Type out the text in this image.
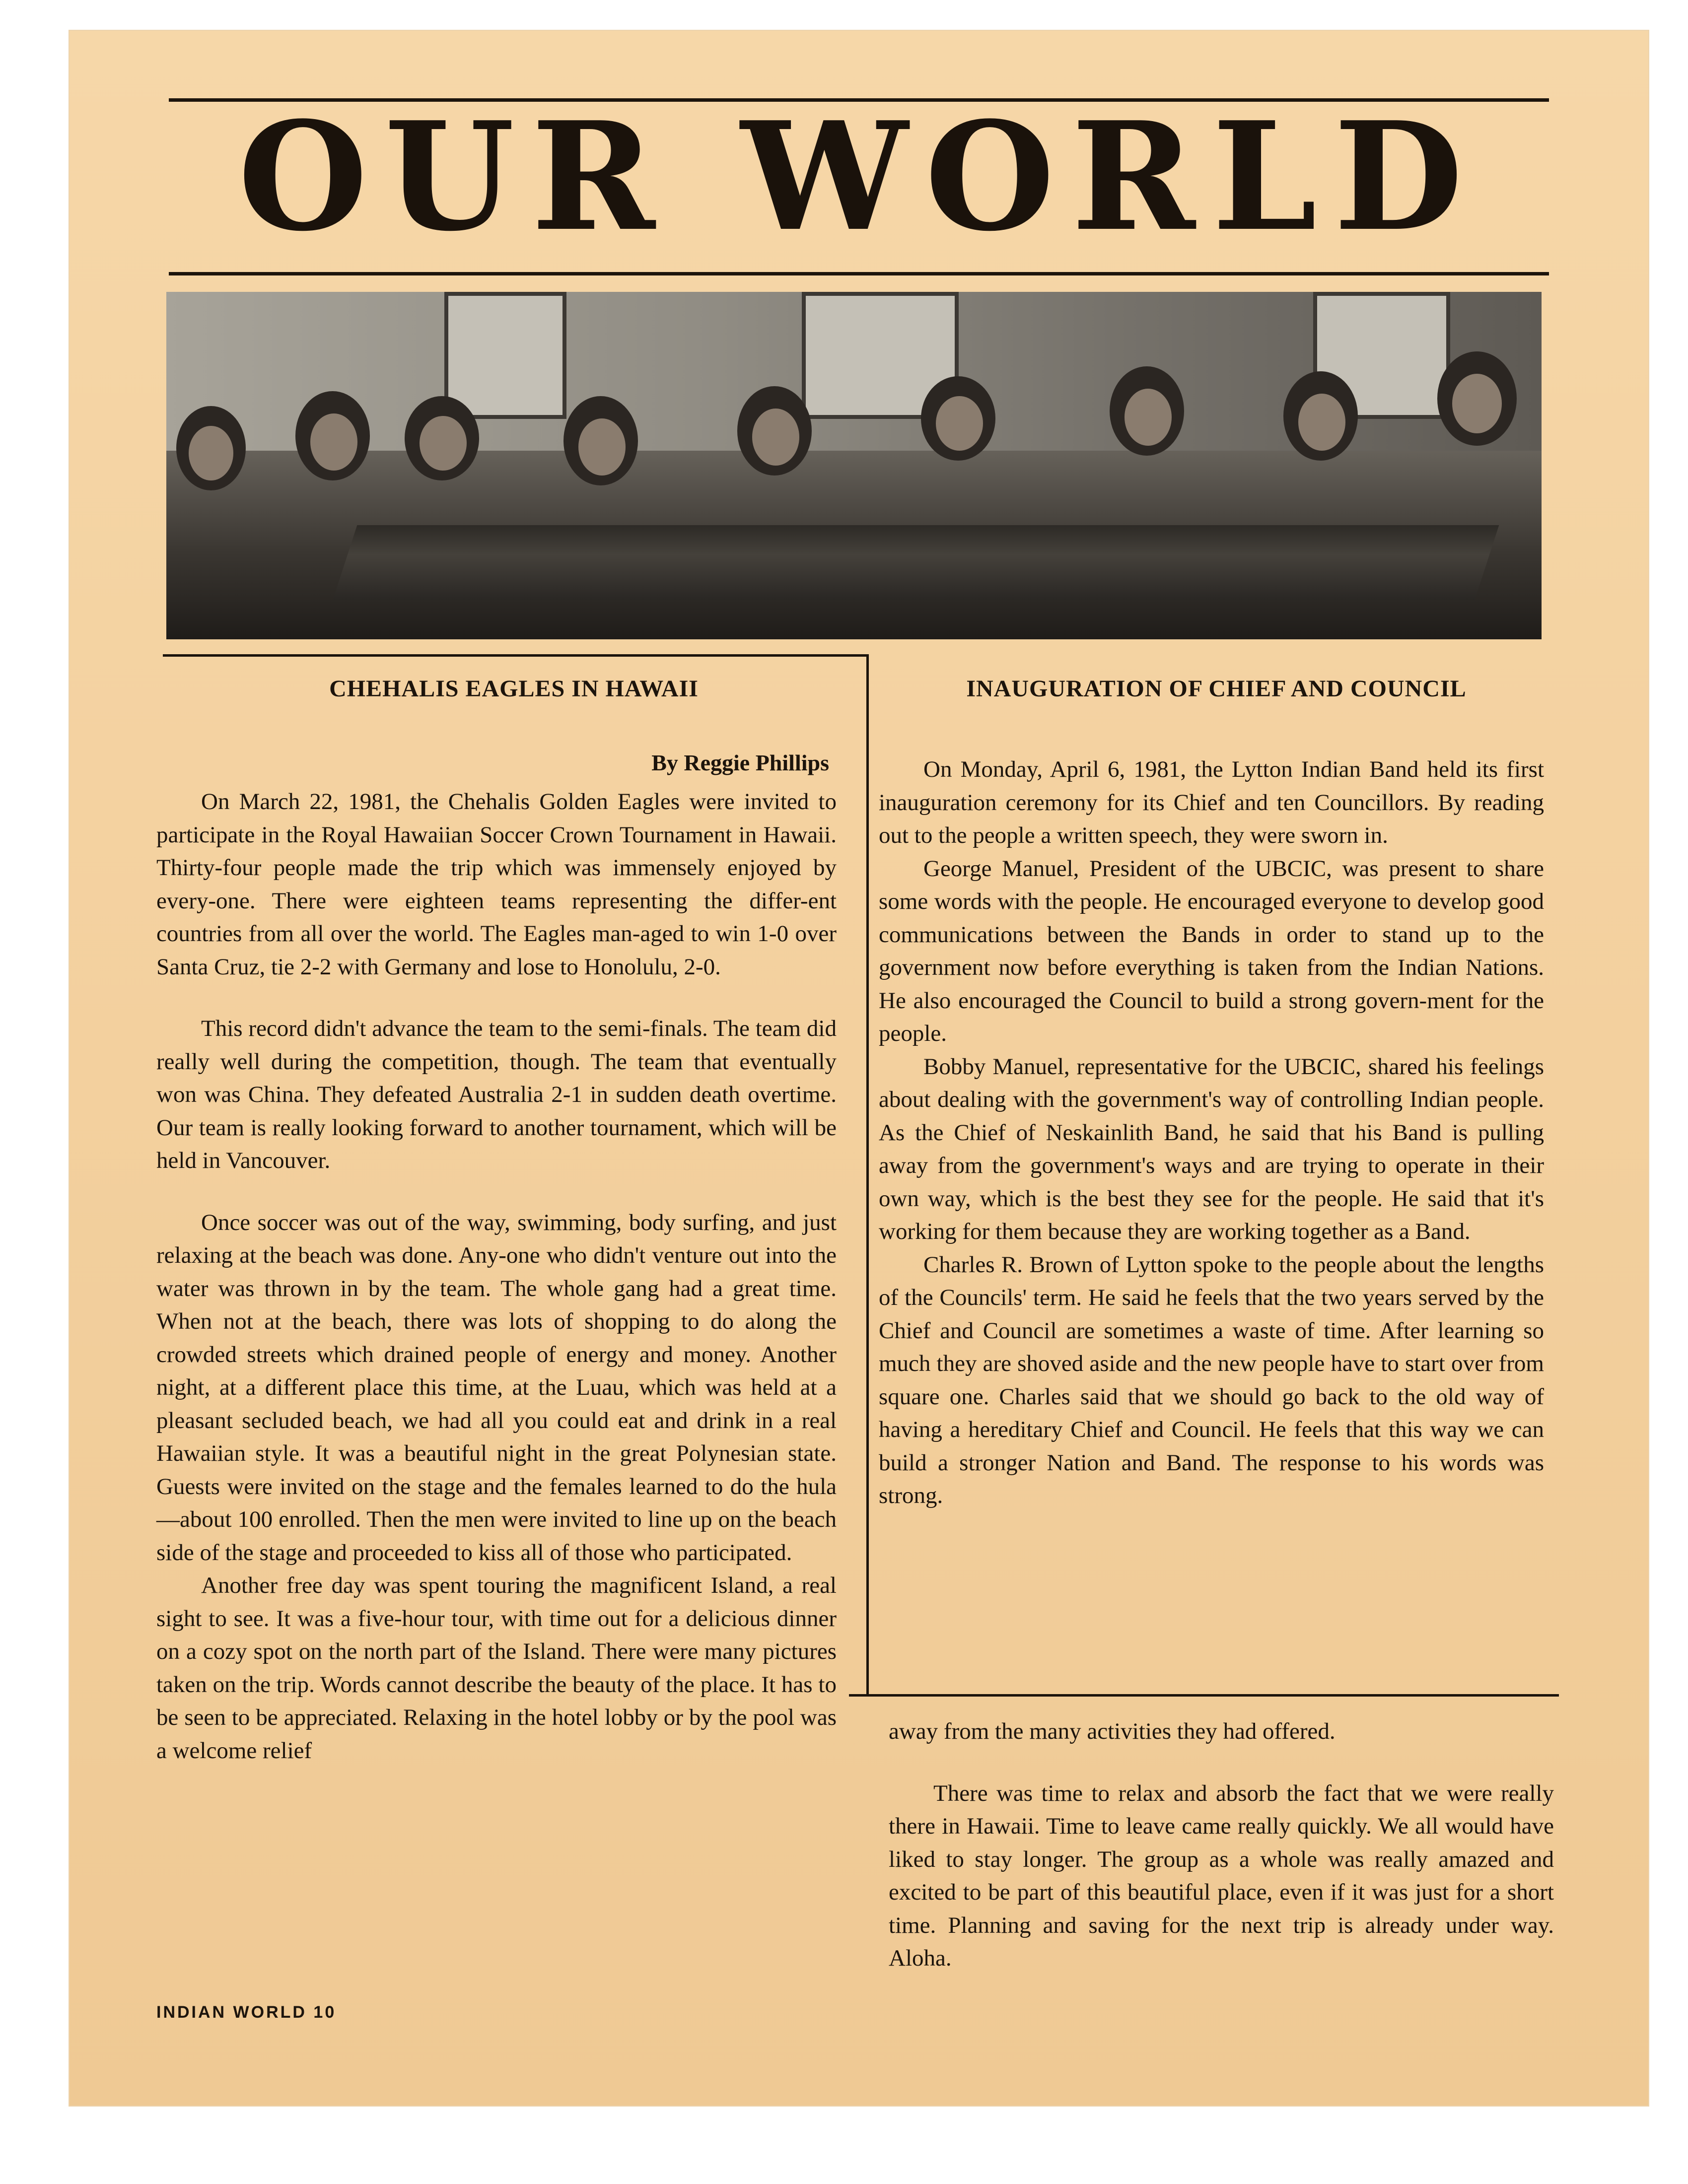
OUR WORLD
CHEHALIS EAGLES IN HAWAII
By Reggie Phillips

On March 22, 1981, the Chehalis Golden Eagles were invited to participate in the Royal Hawaiian Soccer Crown Tournament in Hawaii. Thirty-four people made the trip which was immensely enjoyed by every-one. There were eighteen teams representing the differ-ent countries from all over the world. The Eagles man-aged to win 1-0 over Santa Cruz, tie 2-2 with Germany and lose to Honolulu, 2-0.

This record didn't advance the team to the semi-finals. The team did really well during the competition, though. The team that eventually won was China. They defeated Australia 2-1 in sudden death overtime. Our team is really looking forward to another tournament, which will be held in Vancouver.

Once soccer was out of the way, swimming, body surfing, and just relaxing at the beach was done. Any-one who didn't venture out into the water was thrown in by the team. The whole gang had a great time. When not at the beach, there was lots of shopping to do along the crowded streets which drained people of energy and money. Another night, at a different place this time, at the Luau, which was held at a pleasant secluded beach, we had all you could eat and drink in a real Hawaiian style. It was a beautiful night in the great Polynesian state. Guests were invited on the stage and the females learned to do the hula—about 100 enrolled. Then the men were invited to line up on the beach side of the stage and proceeded to kiss all of those who participated.

Another free day was spent touring the magnificent Island, a real sight to see. It was a five-hour tour, with time out for a delicious dinner on a cozy spot on the north part of the Island. There were many pictures taken on the trip. Words cannot describe the beauty of the place. It has to be seen to be appreciated. Relaxing in the hotel lobby or by the pool was a welcome relief

INAUGURATION OF CHIEF AND COUNCIL

On Monday, April 6, 1981, the Lytton Indian Band held its first inauguration ceremony for its Chief and ten Councillors. By reading out to the people a written speech, they were sworn in.

George Manuel, President of the UBCIC, was present to share some words with the people. He encouraged everyone to develop good communications between the Bands in order to stand up to the government now before everything is taken from the Indian Nations. He also encouraged the Council to build a strong govern-ment for the people.

Bobby Manuel, representative for the UBCIC, shared his feelings about dealing with the government's way of controlling Indian people. As the Chief of Neskainlith Band, he said that his Band is pulling away from the government's ways and are trying to operate in their own way, which is the best they see for the people. He said that it's working for them because they are working together as a Band.

Charles R. Brown of Lytton spoke to the people about the lengths of the Councils' term. He said he feels that the two years served by the Chief and Council are sometimes a waste of time. After learning so much they are shoved aside and the new people have to start over from square one. Charles said that we should go back to the old way of having a hereditary Chief and Council. He feels that this way we can build a stronger Nation and Band. The response to his words was strong.

away from the many activities they had offered.

There was time to relax and absorb the fact that we were really there in Hawaii. Time to leave came really quickly. We all would have liked to stay longer. The group as a whole was really amazed and excited to be part of this beautiful place, even if it was just for a short time. Planning and saving for the next trip is already under way. Aloha.

INDIAN WORLD 10
